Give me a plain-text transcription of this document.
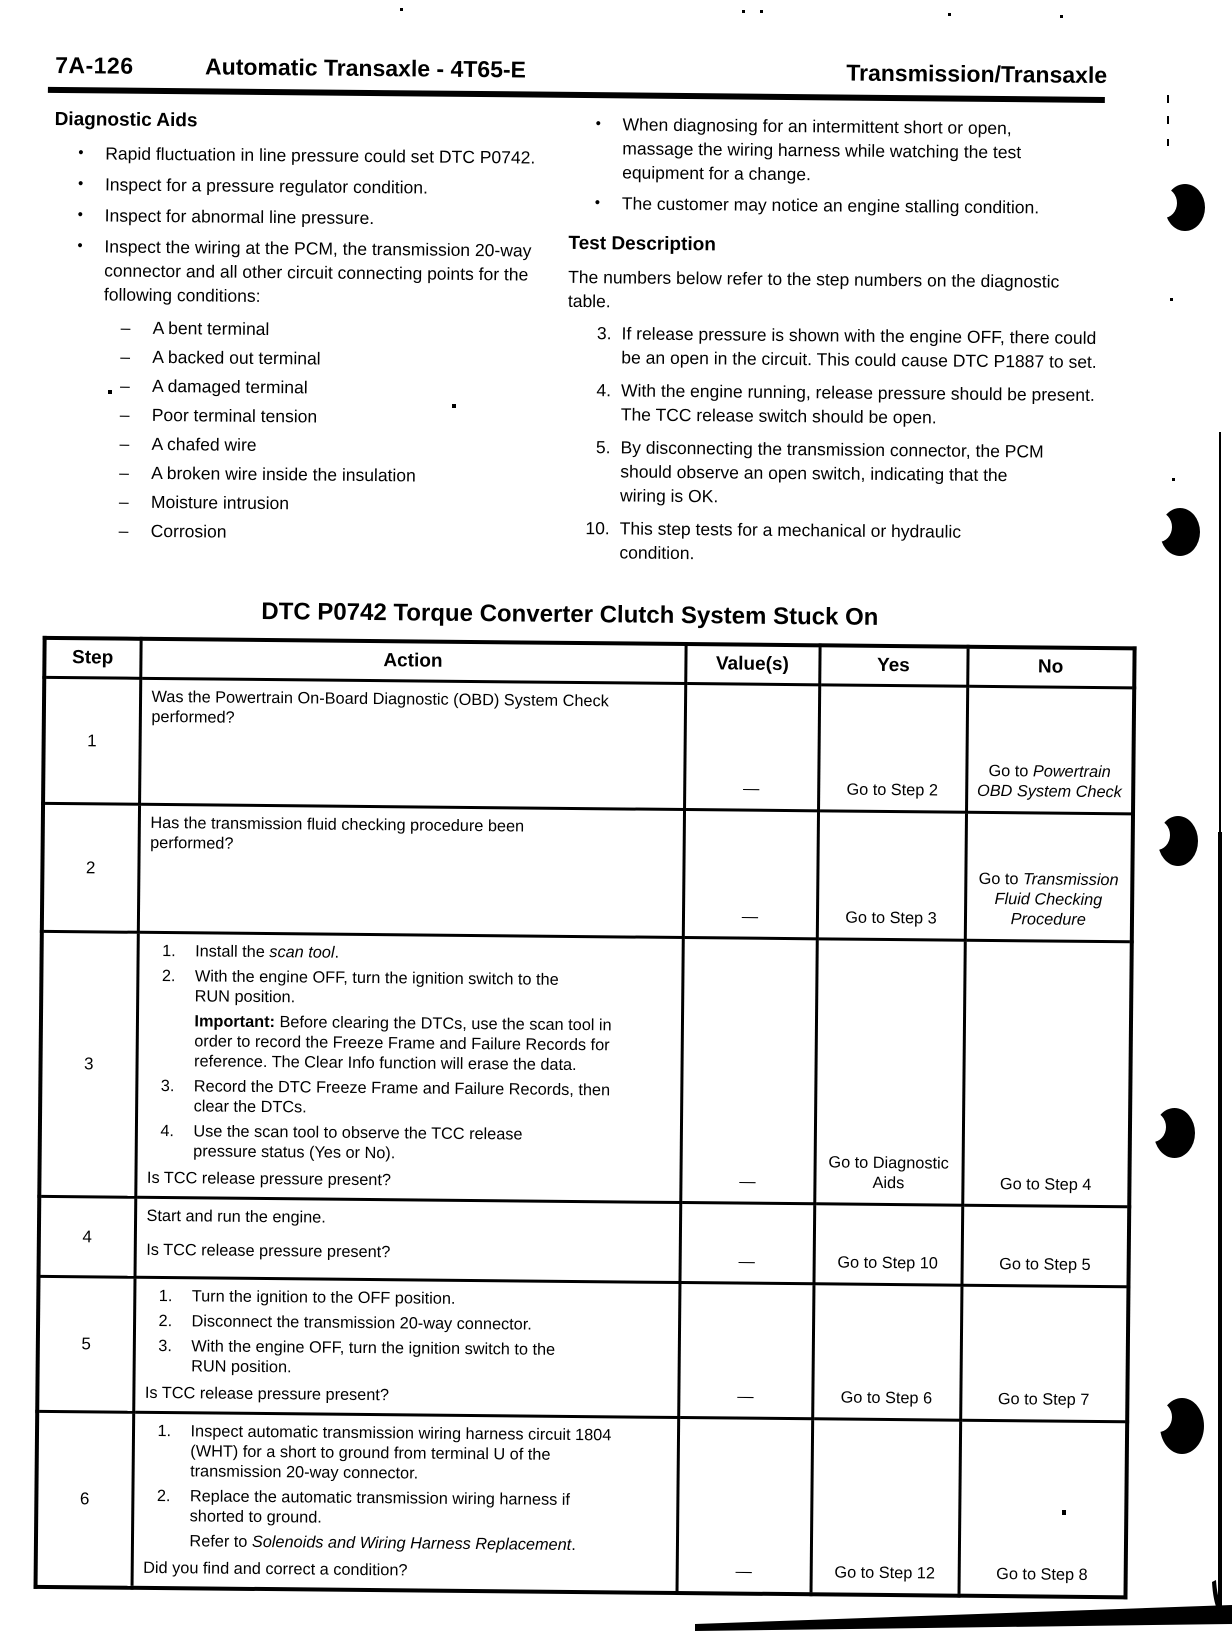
7A-126	Automatic Transaxle - 4T65-E	Transmission/Transaxle
Diagnostic Aids
•	Rapid fluctuation in line pressure could set DTC P0742.
•	Inspect for a pressure regulator condition.
•	Inspect for abnormal line pressure.
•	Inspect the wiring at the PCM, the transmission 20-way connector and all other circuit connecting points for the following conditions:
–	A bent terminal
–	A backed out terminal
–	A damaged terminal
–	Poor terminal tension
–	A chafed wire
–	A broken wire inside the insulation
–	Moisture intrusion
–	Corrosion
•	When diagnosing for an intermittent short or open, massage the wiring harness while watching the test equipment for a change.
•	The customer may notice an engine stalling condition.
Test Description
The numbers below refer to the step numbers on the diagnostic table.
3. If release pressure is shown with the engine OFF, there could be an open in the circuit. This could cause DTC P1887 to set.
4. With the engine running, release pressure should be present. The TCC release switch should be open.
5. By disconnecting the transmission connector, the PCM should observe an open switch, indicating that the wiring is OK.
10. This step tests for a mechanical or hydraulic condition.
DTC P0742 Torque Converter Clutch System Stuck On
Step	Action	Value(s)	Yes	No
1	Was the Powertrain On-Board Diagnostic (OBD) System Check performed?	—	Go to Step 2	Go to Powertrain OBD System Check
2	Has the transmission fluid checking procedure been performed?	—	Go to Step 3	Go to Transmission Fluid Checking Procedure
3	
1.	Install the scan tool.
2.	With the engine OFF, turn the ignition switch to the RUN position.
Important: Before clearing the DTCs, use the scan tool in order to record the Freeze Frame and Failure Records for reference. The Clear Info function will erase the data.
3.	Record the DTC Freeze Frame and Failure Records, then clear the DTCs.
4.	Use the scan tool to observe the TCC release pressure status (Yes or No).
Is TCC release pressure present?	—	Go to Diagnostic Aids	Go to Step 4
4	Start and run the engine.
Is TCC release pressure present?	—	Go to Step 10	Go to Step 5
5	
1.	Turn the ignition to the OFF position.
2.	Disconnect the transmission 20-way connector.
3.	With the engine OFF, turn the ignition switch to the RUN position.
Is TCC release pressure present?	—	Go to Step 6	Go to Step 7
6	
1.	Inspect automatic transmission wiring harness circuit 1804 (WHT) for a short to ground from terminal U of the transmission 20-way connector.
2.	Replace the automatic transmission wiring harness if shorted to ground.
Refer to Solenoids and Wiring Harness Replacement.
Did you find and correct a condition?	—	Go to Step 12	Go to Step 8
